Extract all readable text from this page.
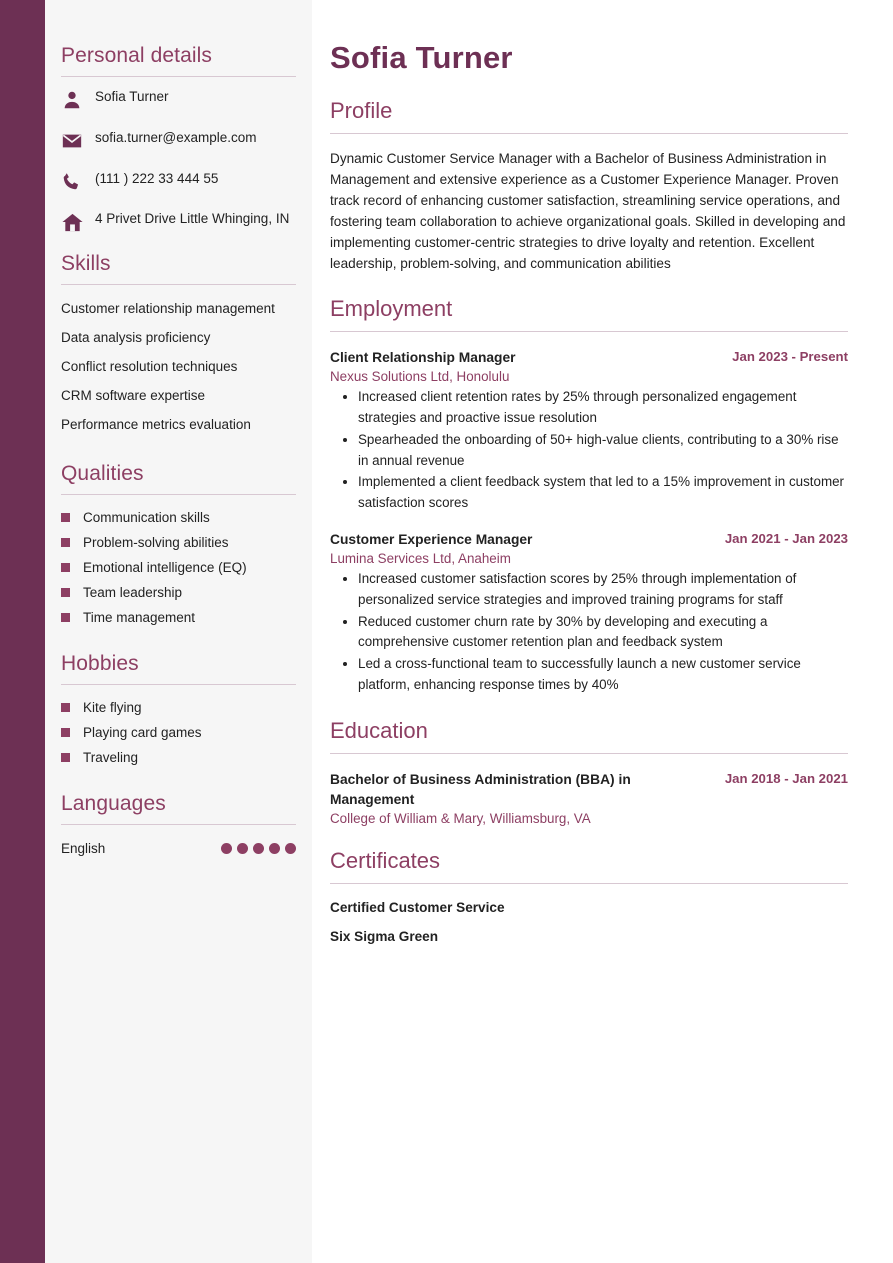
Personal details
Sofia Turner
sofia.turner@example.com
(111 ) 222 33 444 55
4 Privet Drive Little Whinging, IN
Skills
Customer relationship management
Data analysis proficiency
Conflict resolution techniques
CRM software expertise
Performance metrics evaluation
Qualities
Communication skills
Problem-solving abilities
Emotional intelligence (EQ)
Team leadership
Time management
Hobbies
Kite flying
Playing card games
Traveling
Languages
English
Sofia Turner
Profile

Dynamic Customer Service Manager with a Bachelor of Business Administration in Management and extensive experience as a Customer Experience Manager. Proven track record of enhancing customer satisfaction, streamlining service operations, and fostering team collaboration to achieve organizational goals. Skilled in developing and implementing customer-centric strategies to drive loyalty and retention. Excellent leadership, problem-solving, and communication abilities

Employment
Client Relationship Manager	Jan 2023 - Present
Nexus Solutions Ltd, Honolulu
• Increased client retention rates by 25% through personalized engagement strategies and proactive issue resolution
• Spearheaded the onboarding of 50+ high-value clients, contributing to a 30% rise in annual revenue
• Implemented a client feedback system that led to a 15% improvement in customer satisfaction scores
Customer Experience Manager	Jan 2021 - Jan 2023
Lumina Services Ltd, Anaheim
• Increased customer satisfaction scores by 25% through implementation of personalized service strategies and improved training programs for staff
• Reduced customer churn rate by 30% by developing and executing a comprehensive customer retention plan and feedback system
• Led a cross-functional team to successfully launch a new customer service platform, enhancing response times by 40%
Education
Bachelor of Business Administration (BBA) in Management
Jan 2018 - Jan 2021
College of William & Mary, Williamsburg, VA
Certificates
Certified Customer Service
Six Sigma Green
